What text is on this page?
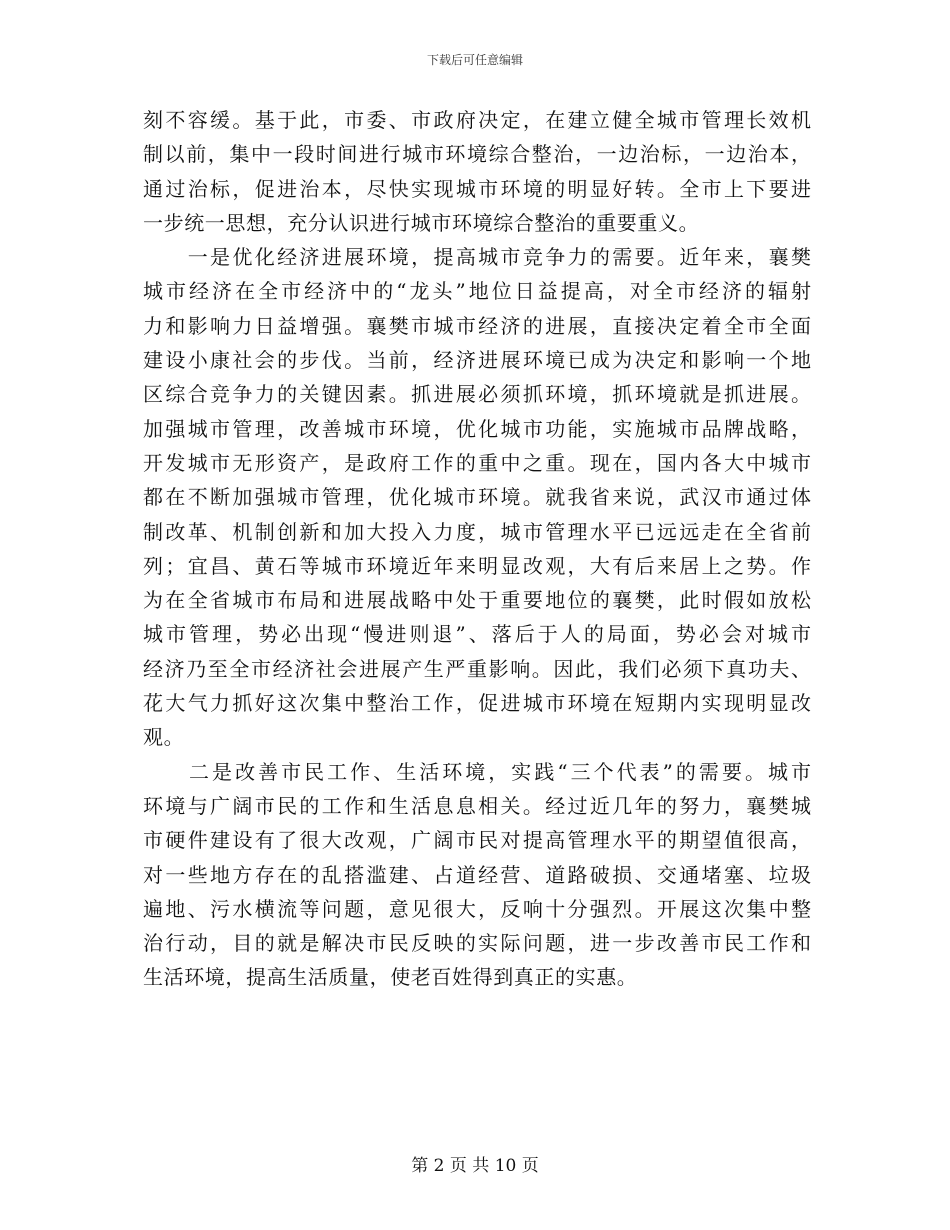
下载后可任意编辑
刻不容缓。基于此，市委、市政府决定，在建立健全城市管理长效机
制以前，集中一段时间进行城市环境综合整治，一边治标，一边治本，
通过治标，促进治本，尽快实现城市环境的明显好转。全市上下要进
一步统一思想，充分认识进行城市环境综合整治的重要重义。
　　一是优化经济进展环境，提高城市竞争力的需要。近年来，襄樊
城市经济在全市经济中的“龙头”地位日益提高，对全市经济的辐射
力和影响力日益增强。襄樊市城市经济的进展，直接决定着全市全面
建设小康社会的步伐。当前，经济进展环境已成为决定和影响一个地
区综合竞争力的关键因素。抓进展必须抓环境，抓环境就是抓进展。
加强城市管理，改善城市环境，优化城市功能，实施城市品牌战略，
开发城市无形资产，是政府工作的重中之重。现在，国内各大中城市
都在不断加强城市管理，优化城市环境。就我省来说，武汉市通过体
制改革、机制创新和加大投入力度，城市管理水平已远远走在全省前
列；宜昌、黄石等城市环境近年来明显改观，大有后来居上之势。作
为在全省城市布局和进展战略中处于重要地位的襄樊，此时假如放松
城市管理，势必出现“慢进则退”、落后于人的局面，势必会对城市
经济乃至全市经济社会进展产生严重影响。因此，我们必须下真功夫、
花大气力抓好这次集中整治工作，促进城市环境在短期内实现明显改
观。
　　二是改善市民工作、生活环境，实践“三个代表”的需要。城市
环境与广阔市民的工作和生活息息相关。经过近几年的努力，襄樊城
市硬件建设有了很大改观，广阔市民对提高管理水平的期望值很高，
对一些地方存在的乱搭滥建、占道经营、道路破损、交通堵塞、垃圾
遍地、污水横流等问题，意见很大，反响十分强烈。开展这次集中整
治行动，目的就是解决市民反映的实际问题，进一步改善市民工作和
生活环境，提高生活质量，使老百姓得到真正的实惠。
第 2 页 共 10 页
